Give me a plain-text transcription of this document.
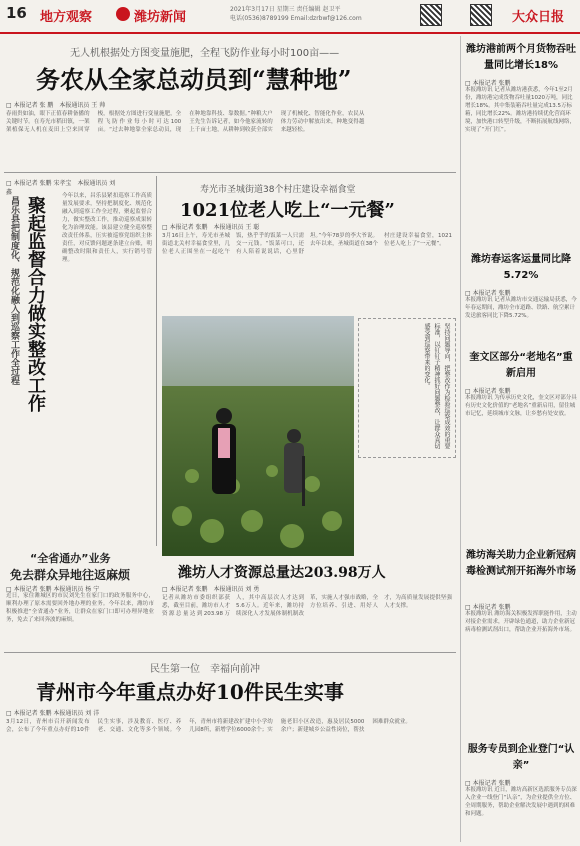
16 地方观察	潍坊新闻
2021年3月17日 星期三 责任编辑 赵卫平
电话(0536)8789199 Email:dzrbwf@126.com	大众日报
无人机根据处方图变量施肥，全程飞防作业每小时100亩——
务农从全家总动员到“慧种地”
□ 本报记者 张 鹏　本报通讯员 王 帅
春雨贵如油，眼下正值春耕备播的关键时节。在寿光市稻田镇，一架架植保无人机在麦田上空来回穿梭，根据处方图进行变量施肥，全程飞防作业每小时可达100亩。“过去种地靠全家总动员，现在种地靠科技、靠数据。”种粮大户王先生告诉记者，如今他家流转的上千亩土地，从耕种到收获全部实现了机械化、智能化作业，农民从体力劳动中解放出来，种地变得越来越轻松。
□ 本报记者 张鹏 宋孝宝　本报通讯员 刘 鑫
昌乐县把制度化、规范化融入到巡察工作全过程 聚起监督合力做实整改工作	今年以来，昌乐县紧扣巡察工作高质量发展要求，坚持把制度化、规范化融入到巡察工作全过程，聚起监督合力，做实整改工作，推动巡察成果转化为治理效能。该县建立健全巡察整改责任体系，压实被巡察党组织主体责任，对反馈问题逐条建立台账，明确整改时限和责任人，实行销号管理。
“全省通办”业务
免去群众异地往返麻烦
□ 本报记者 张鹏 本报通讯员 杨 宁
近日，家住潍城区的市民刘先生在家门口的政务服务中心，顺利办理了原本需要回外地办理的业务。今年以来，潍坊市积极推进“全省通办”业务，让群众在家门口即可办理异地业务，免去了来回奔波的麻烦。
寿光市圣城街道38个村庄建设幸福食堂
1021位老人吃上“一元餐”
□ 本报记者 张鹏　本报通讯员 王 聪
3月16日上午，寿光市圣城街道北关村幸福食堂里，几位老人正围坐在一起吃午饭，热乎乎的饭菜一人只需交一元钱。“饭菜可口，还有人陪着说说话，心里舒坦。”今年78岁的李大爷说。去年以来，圣城街道在38个村庄建设幸福食堂，1021位老人吃上了“一元餐”。
坚持问题导向，把整改作为检验巡察成效的重要标准，以钉钉子精神抓好问题整改，让群众真切感受到巡察带来的变化。
潍坊人才资源总量达203.98万人
□ 本报记者 张鹏　本报通讯员 刘 勇
记者从潍坊市委组织部获悉，截至目前，潍坊市人才资源总量达到203.98万人，其中高层次人才达到5.6万人。近年来，潍坊持续深化人才发展体制机制改革，实施人才强市战略，全方位培养、引进、用好人才，为高质量发展提供坚强人才支撑。
民生第一位　幸福向前冲
青州市今年重点办好10件民生实事
□ 本报记者 张鹏 本报通讯员 刘 洋
3月12日，青州市召开新闻发布会，公布了今年重点办好的10件民生实事，涉及教育、医疗、养老、交通、文化等多个领域。今年，青州市将新建改扩建中小学幼儿园8所，新增学位6000余个；实施老旧小区改造，惠及居民5000余户；新建城乡公益性岗位，帮扶困难群众就业。
潍坊港前两个月货物吞吐量同比增长18%
□ 本报记者 张鹏
本报潍坊讯 记者从潍坊港获悉，今年1至2月份，潍坊港完成货物吞吐量1020万吨，同比增长18%。其中集装箱吞吐量完成13.5万标箱，同比增长22%。潍坊港持续优化营商环境，加快港口转型升级，不断拓展航线网络，实现了“开门红”。
潍坊春运客运量同比降5.72%
□ 本报记者 张鹏
本报潍坊讯 记者从潍坊市交通运输局获悉，今年春运期间，潍坊全市道路、铁路、航空累计发送旅客同比下降5.72%。
奎文区部分“老地名”重新启用
□ 本报记者 张鹏
本报潍坊讯 为传承历史文化，奎文区对部分具有历史文化价值的“老地名”重新启用，留住城市记忆，延续城市文脉，让乡愁有处安放。
潍坊海关助力企业新冠病毒检测试剂开拓海外市场
□ 本报记者 张鹏
本报潍坊讯 潍坊海关积极发挥职能作用，主动对接企业需求，开辟绿色通道，助力企业新冠病毒检测试剂出口，帮助企业开拓海外市场。
服务专员到企业登门“认亲”
□ 本报记者 张鹏
本报潍坊讯 近日，潍坊高新区选派服务专员深入企业一线登门“认亲”，为企业提供全方位、全周期服务，帮助企业解决发展中遇到的困难和问题。
